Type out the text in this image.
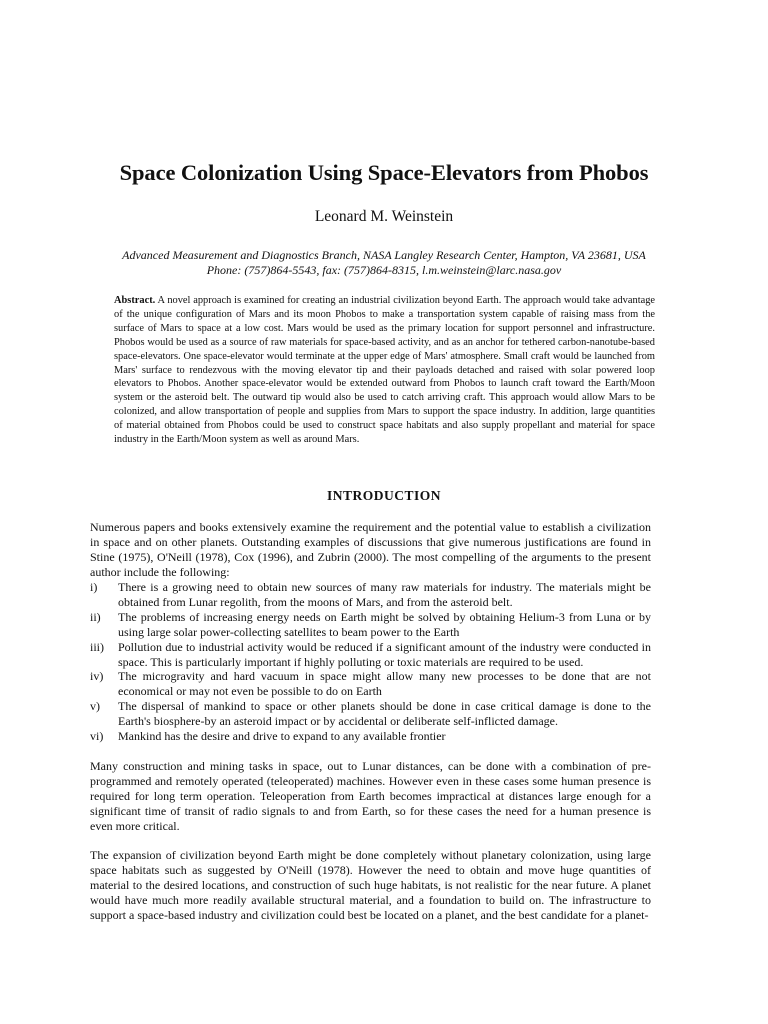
Space Colonization Using Space-Elevators from Phobos
Leonard M. Weinstein
Advanced Measurement and Diagnostics Branch, NASA Langley Research Center, Hampton, VA 23681, USA
Phone: (757)864-5543, fax: (757)864-8315, l.m.weinstein@larc.nasa.gov

Abstract. A novel approach is examined for creating an industrial civilization beyond Earth. The approach would take advantage of the unique configuration of Mars and its moon Phobos to make a transportation system capable of raising mass from the surface of Mars to space at a low cost. Mars would be used as the primary location for support personnel and infrastructure. Phobos would be used as a source of raw materials for space-based activity, and as an anchor for tethered carbon-nanotube-based space-elevators. One space-elevator would terminate at the upper edge of Mars' atmosphere. Small craft would be launched from Mars' surface to rendezvous with the moving elevator tip and their payloads detached and raised with solar powered loop elevators to Phobos. Another space-elevator would be extended outward from Phobos to launch craft toward the Earth/Moon system or the asteroid belt. The outward tip would also be used to catch arriving craft. This approach would allow Mars to be colonized, and allow transportation of people and supplies from Mars to support the space industry. In addition, large quantities of material obtained from Phobos could be used to construct space habitats and also supply propellant and material for space industry in the Earth/Moon system as well as around Mars.

INTRODUCTION

Numerous papers and books extensively examine the requirement and the potential value to establish a civilization in space and on other planets. Outstanding examples of discussions that give numerous justifications are found in Stine (1975), O'Neill (1978), Cox (1996), and Zubrin (2000). The most compelling of the arguments to the present author include the following:

i) There is a growing need to obtain new sources of many raw materials for industry. The materials might be obtained from Lunar regolith, from the moons of Mars, and from the asteroid belt.
ii) The problems of increasing energy needs on Earth might be solved by obtaining Helium-3 from Luna or by using large solar power-collecting satellites to beam power to the Earth
iii) Pollution due to industrial activity would be reduced if a significant amount of the industry were conducted in space. This is particularly important if highly polluting or toxic materials are required to be used.
iv) The microgravity and hard vacuum in space might allow many new processes to be done that are not economical or may not even be possible to do on Earth
v) The dispersal of mankind to space or other planets should be done in case critical damage is done to the Earth's biosphere-by an asteroid impact or by accidental or deliberate self-inflicted damage.
vi) Mankind has the desire and drive to expand to any available frontier

Many construction and mining tasks in space, out to Lunar distances, can be done with a combination of pre-programmed and remotely operated (teleoperated) machines. However even in these cases some human presence is required for long term operation. Teleoperation from Earth becomes impractical at distances large enough for a significant time of transit of radio signals to and from Earth, so for these cases the need for a human presence is even more critical.

The expansion of civilization beyond Earth might be done completely without planetary colonization, using large space habitats such as suggested by O'Neill (1978). However the need to obtain and move huge quantities of material to the desired locations, and construction of such huge habitats, is not realistic for the near future. A planet would have much more readily available structural material, and a foundation to build on. The infrastructure to support a space-based industry and civilization could best be located on a planet, and the best candidate for a planet-
